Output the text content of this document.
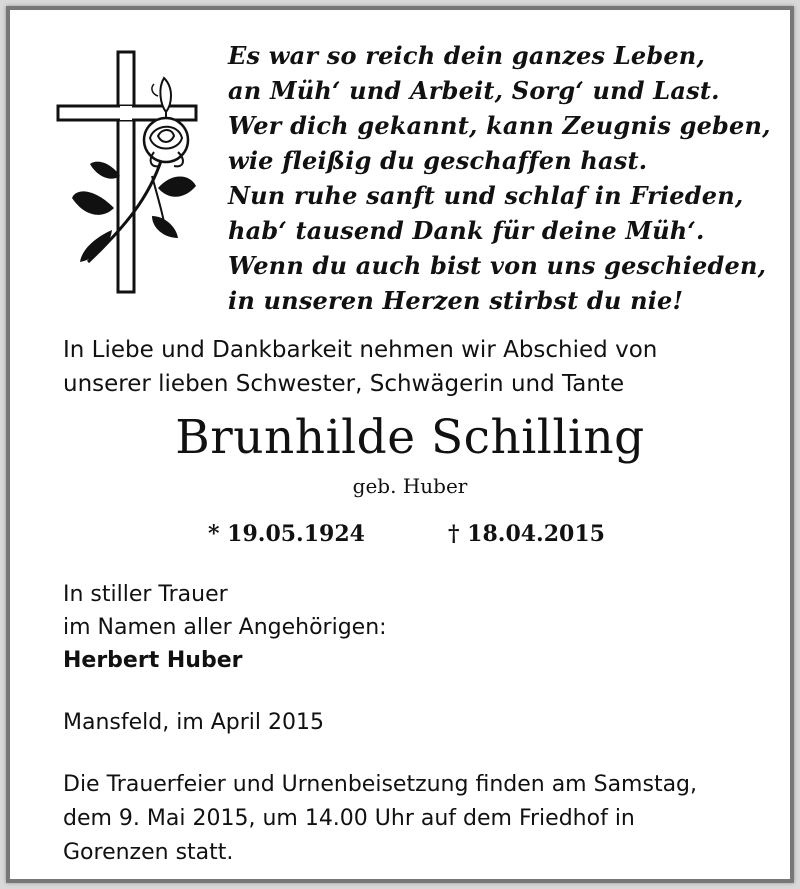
Es war so reich dein ganzes Leben,
an Müh‘ und Arbeit, Sorg‘ und Last.
Wer dich gekannt, kann Zeugnis geben,
wie fleißig du geschaffen hast.
Nun ruhe sanft und schlaf in Frieden,
hab‘ tausend Dank für deine Müh‘.
Wenn du auch bist von uns geschieden,
in unseren Herzen stirbst du nie!
In Liebe und Dankbarkeit nehmen wir Abschied von
unserer lieben Schwester, Schwägerin und Tante
Brunhilde Schilling
geb. Huber
* 19.05.1924	† 18.04.2015
In stiller Trauer
im Namen aller Angehörigen:
Herbert Huber
Mansfeld, im April 2015
Die Trauerfeier und Urnenbeisetzung finden am Samstag,
dem 9. Mai 2015, um 14.00 Uhr auf dem Friedhof in
Gorenzen statt.
